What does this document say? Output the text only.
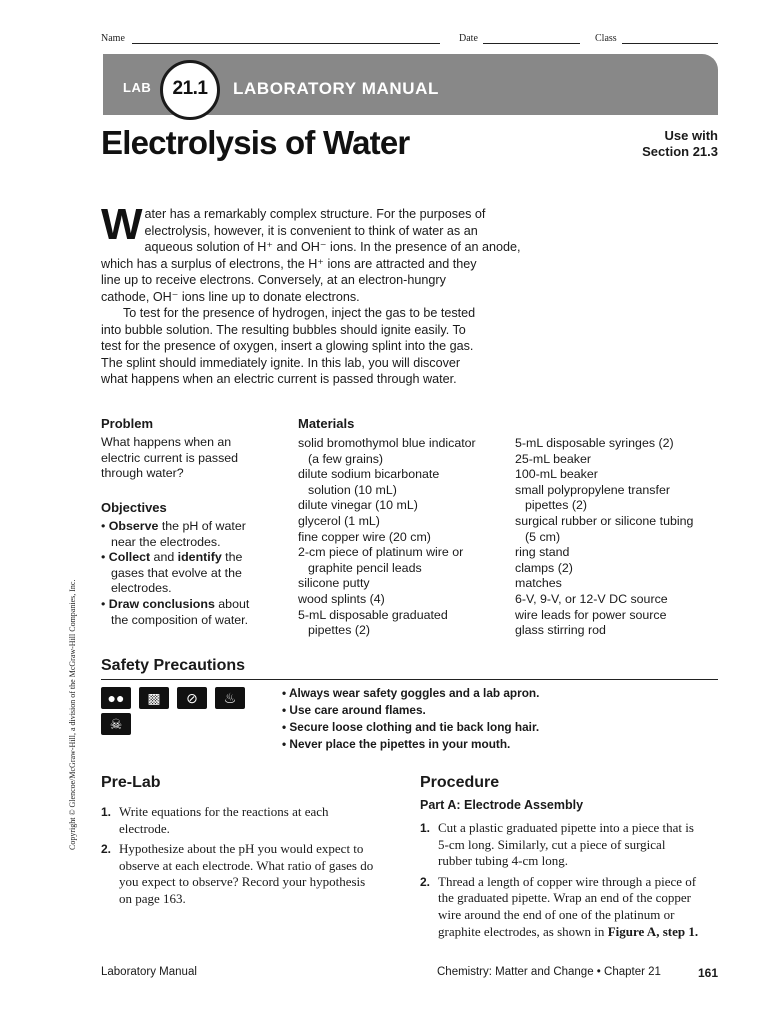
Name	Date	Class
LAB	LABORATORY MANUAL
21.1
Electrolysis of Water	Use with
Section 21.3

Water has a remarkably complex structure. For the purposes of
electrolysis, however, it is convenient to think of water as an
aqueous solution of H⁺ and OH⁻ ions. In the presence of an anode,
which has a surplus of electrons, the H⁺ ions are attracted and they
line up to receive electrons. Conversely, at an electron-hungry
cathode, OH⁻ ions line up to donate electrons.

To test for the presence of hydrogen, inject the gas to be tested
into bubble solution. The resulting bubbles should ignite easily. To
test for the presence of oxygen, insert a glowing splint into the gas.
The splint should immediately ignite. In this lab, you will discover
what happens when an electric current is passed through water.

Problem
What happens when an
electric current is passed
through water?
Objectives
• Observe the pH of water
near the electrodes.
• Collect and identify the
gases that evolve at the
electrodes.
• Draw conclusions about
the composition of water.
Materials
solid bromothymol blue indicator
(a few grains)
dilute sodium bicarbonate
solution (10 mL)
dilute vinegar (10 mL)
glycerol (1 mL)
fine copper wire (20 cm)
2-cm piece of platinum wire or
graphite pencil leads
silicone putty
wood splints (4)
5-mL disposable graduated
pipettes (2)
5-mL disposable syringes (2)
25-mL beaker
100-mL beaker
small polypropylene transfer
pipettes (2)
surgical rubber or silicone tubing
(5 cm)
ring stand
clamps (2)
matches
6-V, 9-V, or 12-V DC source
wire leads for power source
glass stirring rod
Copyright © Glencoe/McGraw-Hill, a division of the McGraw-Hill Companies, Inc. Safety Precautions
●●	▩	⊘	♨
☠
• Always wear safety goggles and a lab apron.
• Use care around flames.
• Secure loose clothing and tie back long hair.
• Never place the pipettes in your mouth.
Pre-Lab
1. Write equations for the reactions at each
electrode.
2. Hypothesize about the pH you would expect to
observe at each electrode. What ratio of gases do
you expect to observe? Record your hypothesis
on page 163.
Procedure
Part A: Electrode Assembly
1. Cut a plastic graduated pipette into a piece that is
5-cm long. Similarly, cut a piece of surgical
rubber tubing 4-cm long.
2. Thread a length of copper wire through a piece of
the graduated pipette. Wrap an end of the copper
wire around the end of one of the platinum or
graphite electrodes, as shown in Figure A, step 1.
Laboratory Manual	Chemistry: Matter and Change • Chapter 21	161
